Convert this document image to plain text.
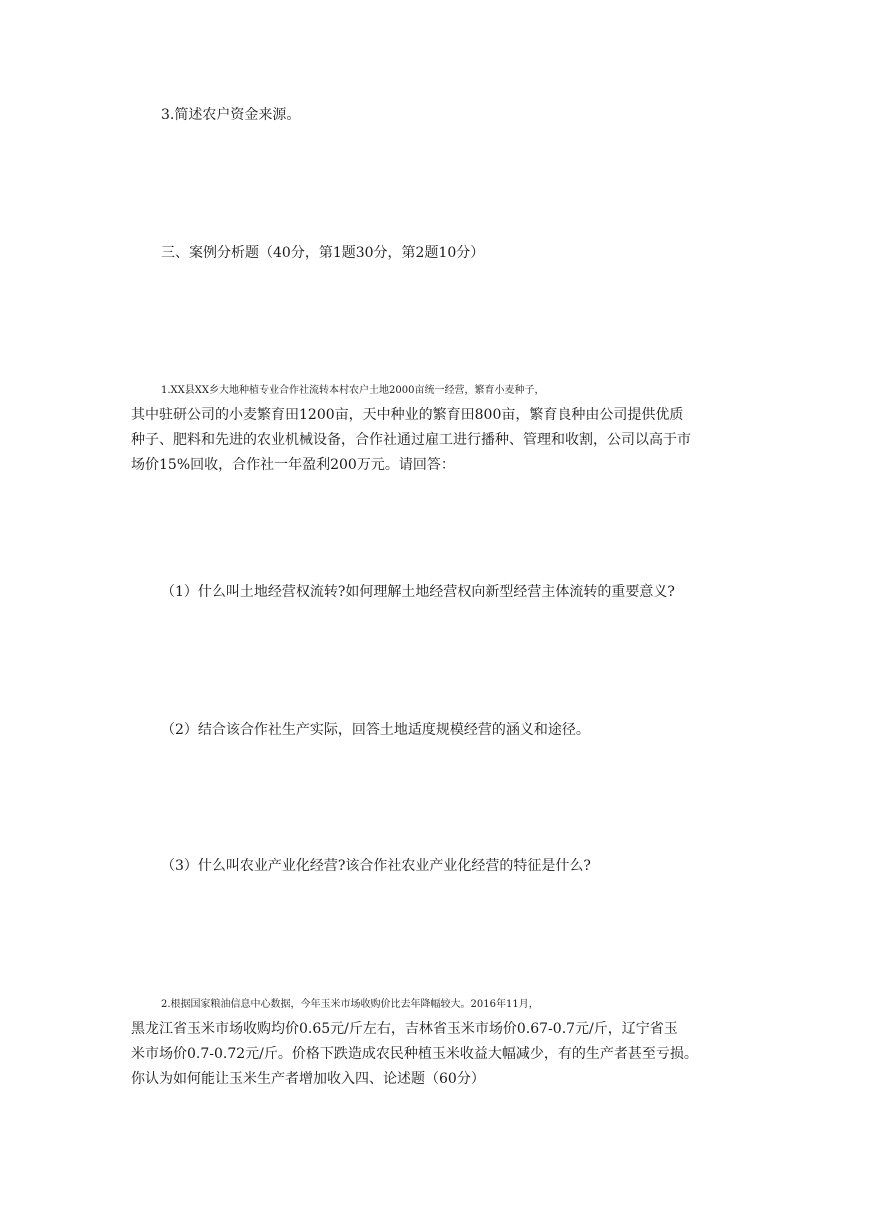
3.简述农户资金来源。
三、案例分析题（40分，第1题30分，第2题10分）
1.XX县XX乡大地种植专业合作社流转本村农户土地2000亩统一经营，繁育小麦种子，
其中驻研公司的小麦繁育田1200亩，天中种业的繁育田800亩，繁育良种由公司提供优质
种子、肥料和先进的农业机械设备，合作社通过雇工进行播种、管理和收割，公司以高于市
场价15%回收，合作社一年盈利200万元。请回答：
（1）什么叫土地经营权流转?如何理解土地经营权向新型经营主体流转的重要意义?
（2）结合该合作社生产实际，回答土地适度规模经营的涵义和途径。
（3）什么叫农业产业化经营?该合作社农业产业化经营的特征是什么?
2.根据国家粮油信息中心数据，今年玉米市场收购价比去年降幅较大。2016年11月，
黑龙江省玉米市场收购均价0.65元/斤左右，吉林省玉米市场价0.67-0.7元/斤，辽宁省玉
米市场价0.7-0.72元/斤。价格下跌造成农民种植玉米收益大幅减少，有的生产者甚至亏损。
你认为如何能让玉米生产者增加收入四、论述题（60分）
